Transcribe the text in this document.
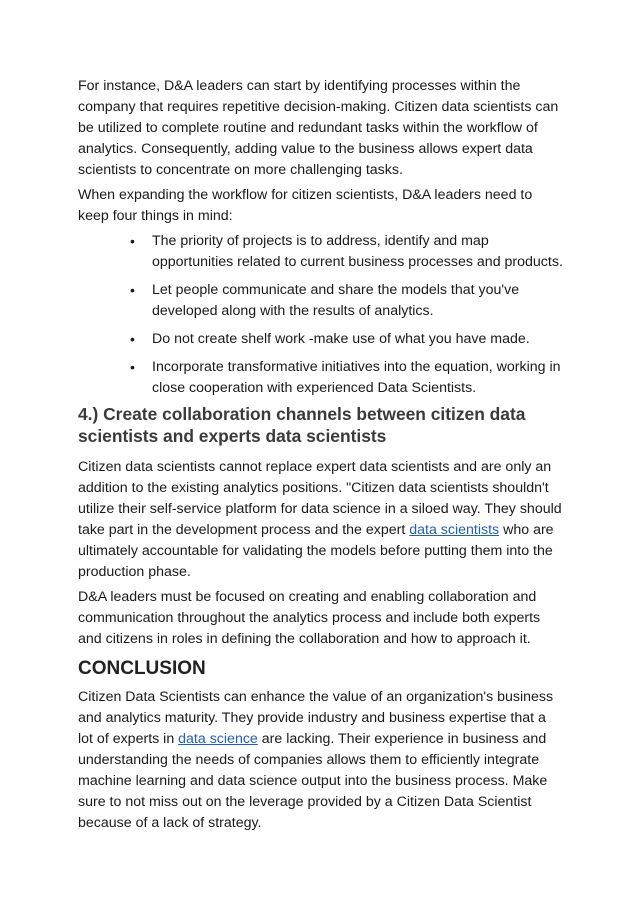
For instance, D&A leaders can start by identifying processes within the company that requires repetitive decision-making. Citizen data scientists can be utilized to complete routine and redundant tasks within the workflow of analytics. Consequently, adding value to the business allows expert data scientists to concentrate on more challenging tasks.

When expanding the workflow for citizen scientists, D&A leaders need to keep four things in mind:

• The priority of projects is to address, identify and map opportunities related to current business processes and products.
• Let people communicate and share the models that you've developed along with the results of analytics.
• Do not create shelf work -make use of what you have made.
• Incorporate transformative initiatives into the equation, working in close cooperation with experienced Data Scientists.
4.) Create collaboration channels between citizen data scientists and experts data scientists

Citizen data scientists cannot replace expert data scientists and are only an addition to the existing analytics positions. "Citizen data scientists shouldn't utilize their self-service platform for data science in a siloed way. They should take part in the development process and the expert data scientists who are ultimately accountable for validating the models before putting them into the production phase.

D&A leaders must be focused on creating and enabling collaboration and communication throughout the analytics process and include both experts and citizens in roles in defining the collaboration and how to approach it.

CONCLUSION

Citizen Data Scientists can enhance the value of an organization's business and analytics maturity. They provide industry and business expertise that a lot of experts in data science are lacking. Their experience in business and understanding the needs of companies allows them to efficiently integrate machine learning and data science output into the business process. Make sure to not miss out on the leverage provided by a Citizen Data Scientist because of a lack of strategy.
